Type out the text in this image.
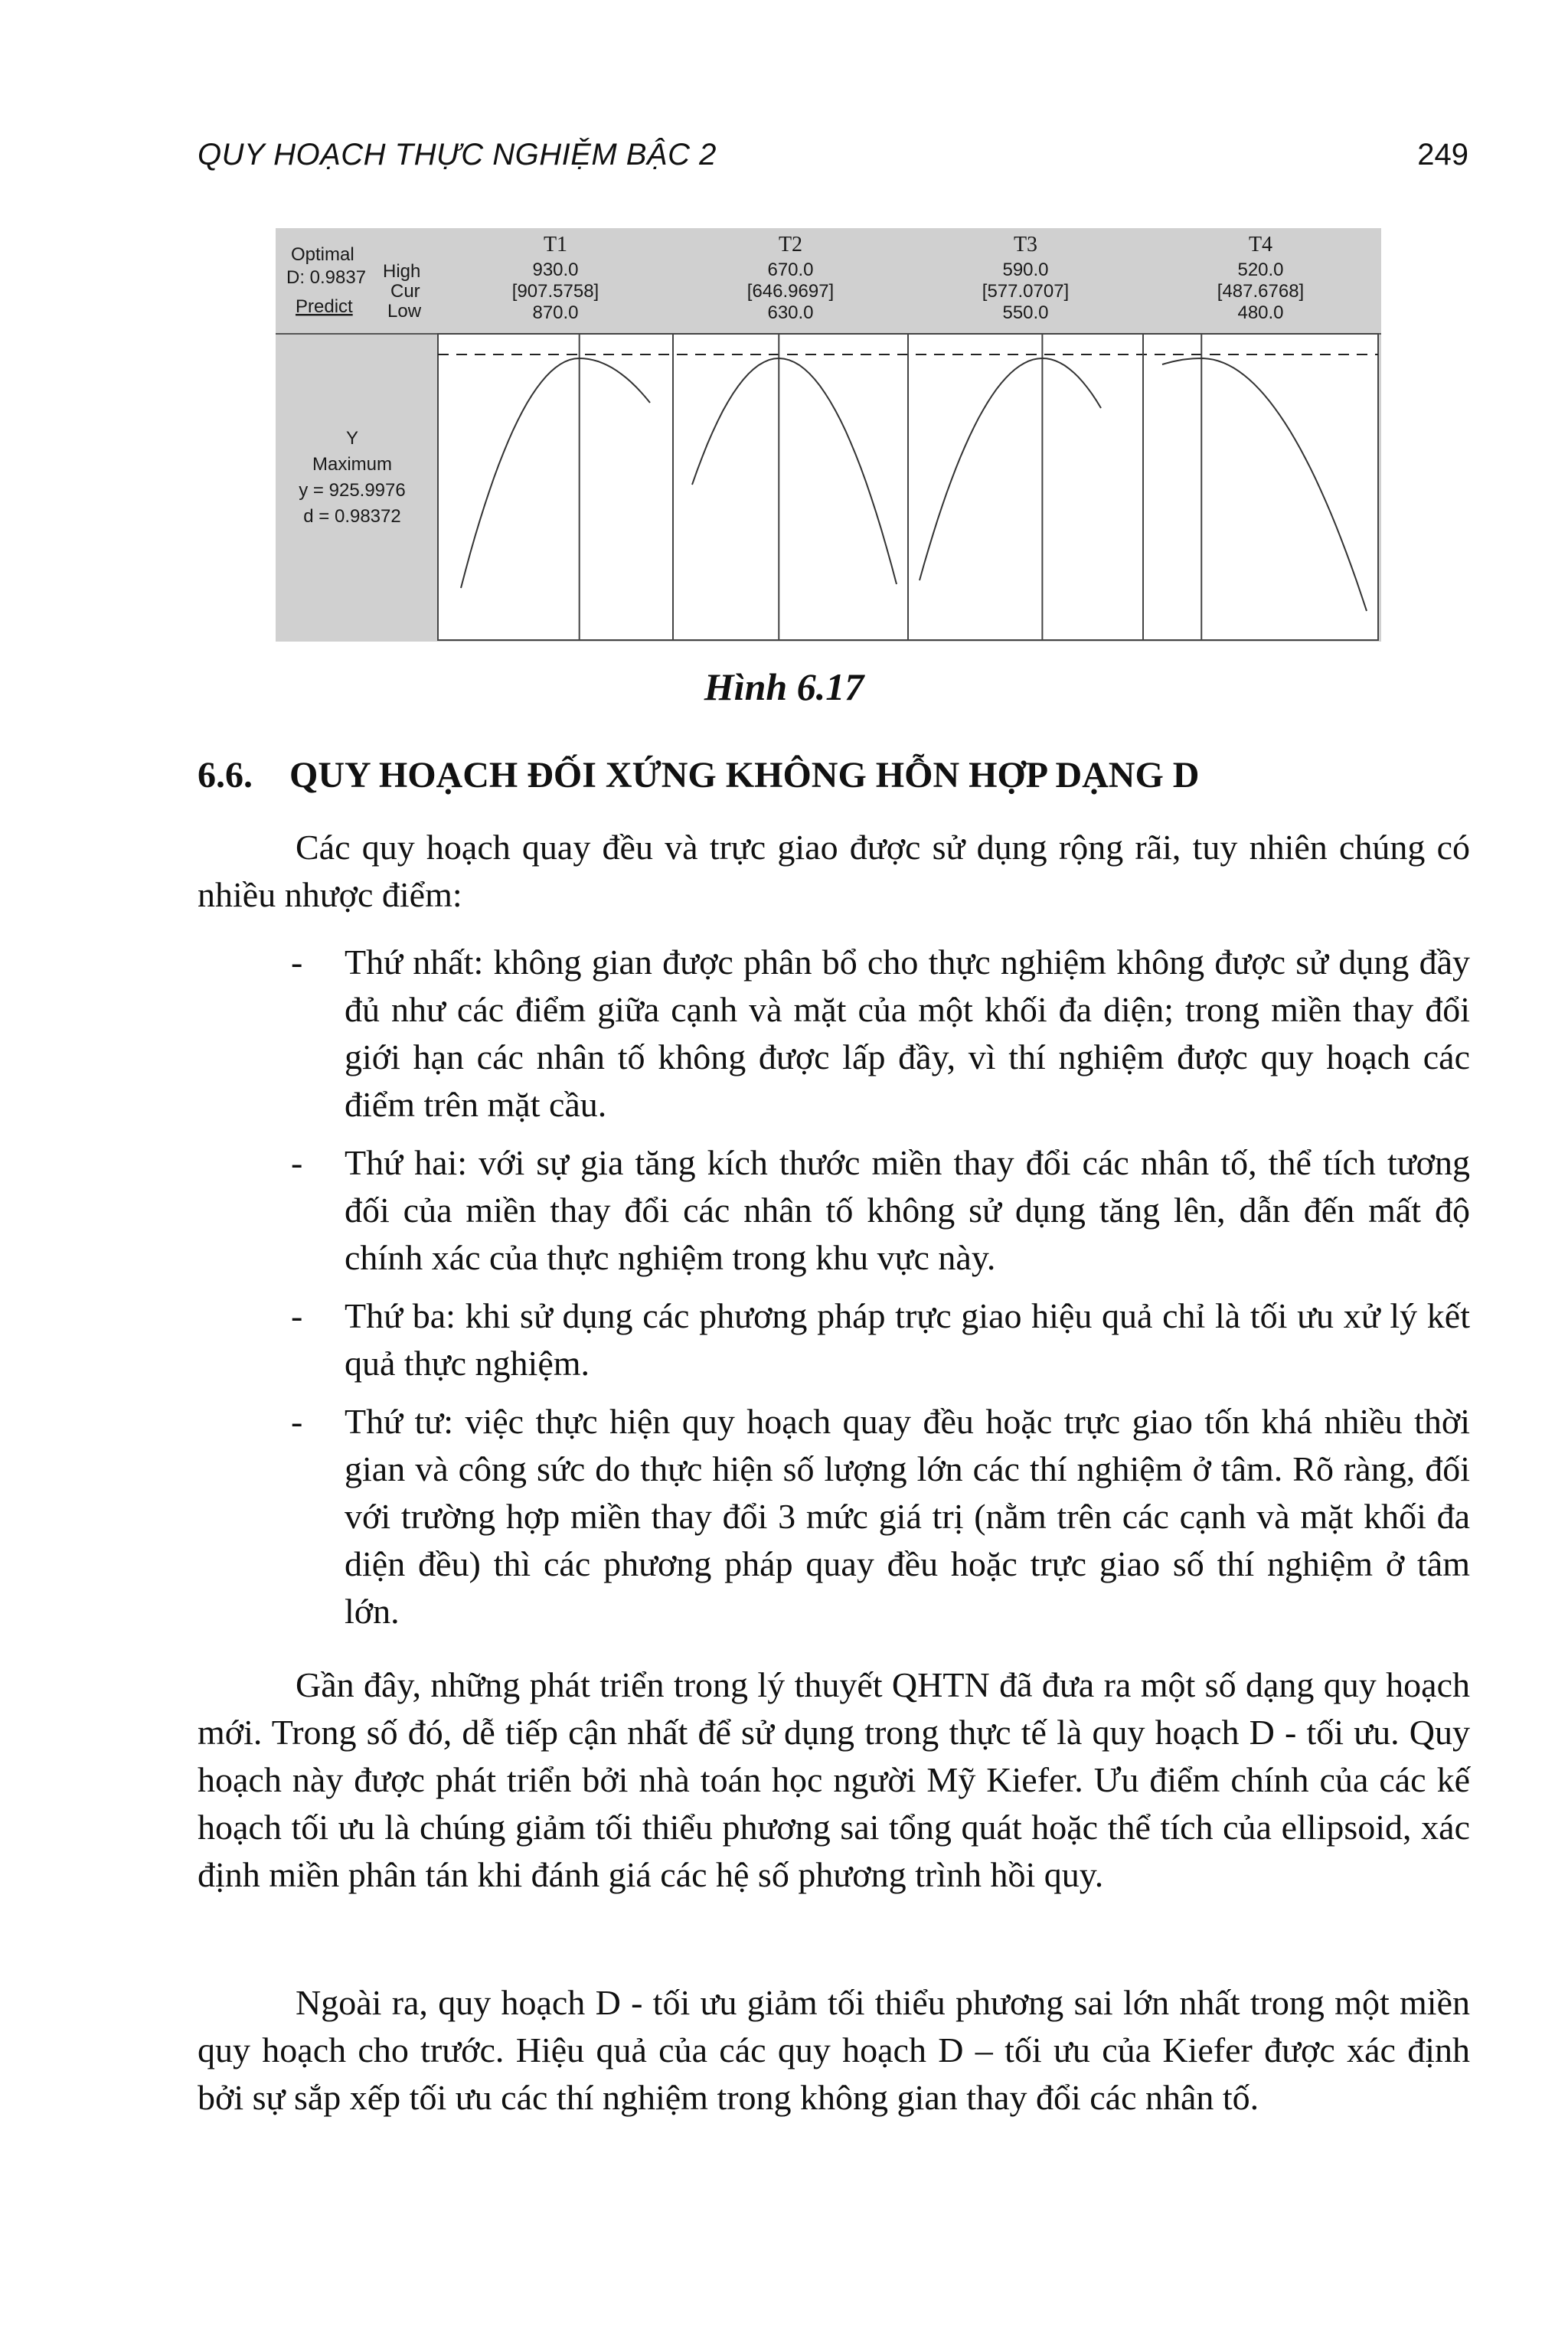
QUY HOẠCH THỰC NGHIỆM BẬC 2	249
Optimal
D: 0.9837
Predict
High
Cur
Low
Y
Maximum
y = 925.9976
d = 0.98372
T1
930.0
[907.5758]
870.0
T2
670.0
[646.9697]
630.0
T3
590.0
[577.0707]
550.0
T4
520.0
[487.6768]
480.0
Hình 6.17
6.6. QUY HOẠCH ĐỐI XỨNG KHÔNG HỖN HỢP DẠNG D

Các quy hoạch quay đều và trực giao được sử dụng rộng rãi, tuy nhiên chúng có nhiều nhược điểm:

- Thứ nhất: không gian được phân bổ cho thực nghiệm không được sử dụng đầy đủ như các điểm giữa cạnh và mặt của một khối đa diện; trong miền thay đổi giới hạn các nhân tố không được lấp đầy, vì thí nghiệm được quy hoạch các điểm trên mặt cầu.
- Thứ hai: với sự gia tăng kích thước miền thay đổi các nhân tố, thể tích tương đối của miền thay đổi các nhân tố không sử dụng tăng lên, dẫn đến mất độ chính xác của thực nghiệm trong khu vực này.
- Thứ ba: khi sử dụng các phương pháp trực giao hiệu quả chỉ là tối ưu xử lý kết quả thực nghiệm.
- Thứ tư: việc thực hiện quy hoạch quay đều hoặc trực giao tốn khá nhiều thời gian và công sức do thực hiện số lượng lớn các thí nghiệm ở tâm. Rõ ràng, đối với trường hợp miền thay đổi 3 mức giá trị (nằm trên các cạnh và mặt khối đa diện đều) thì các phương pháp quay đều hoặc trực giao số thí nghiệm ở tâm lớn.

Gần đây, những phát triển trong lý thuyết QHTN đã đưa ra một số dạng quy hoạch mới. Trong số đó, dễ tiếp cận nhất để sử dụng trong thực tế là quy hoạch D - tối ưu. Quy hoạch này được phát triển bởi nhà toán học người Mỹ Kiefer. Ưu điểm chính của các kế hoạch tối ưu là chúng giảm tối thiểu phương sai tổng quát hoặc thể tích của ellipsoid, xác định miền phân tán khi đánh giá các hệ số phương trình hồi quy.

Ngoài ra, quy hoạch D - tối ưu giảm tối thiểu phương sai lớn nhất trong một miền quy hoạch cho trước. Hiệu quả của các quy hoạch D – tối ưu của Kiefer được xác định bởi sự sắp xếp tối ưu các thí nghiệm trong không gian thay đổi các nhân tố.
